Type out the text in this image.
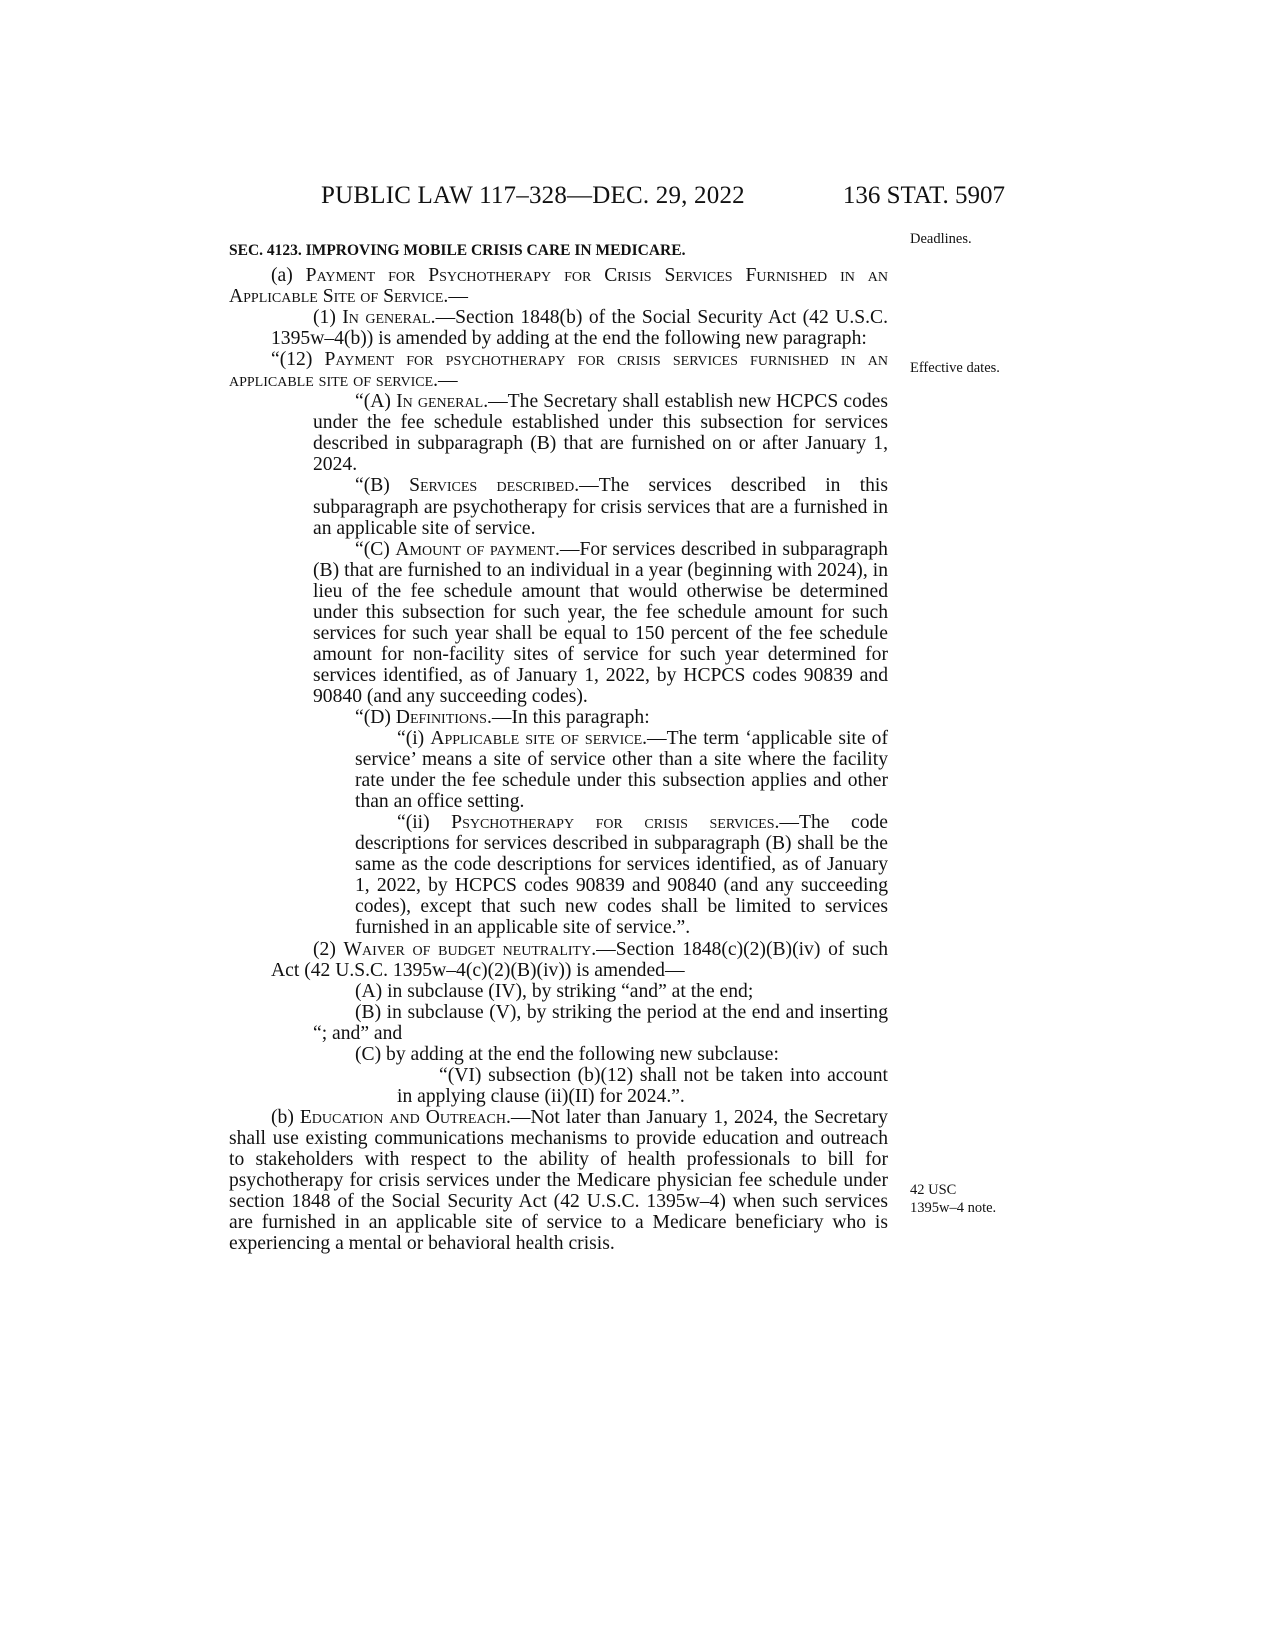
PUBLIC LAW 117–328—DEC. 29, 2022	136 STAT. 5907
Deadlines.
Effective dates.
42 USC
1395w–4 note.

SEC. 4123. IMPROVING MOBILE CRISIS CARE IN MEDICARE.

(a) Payment for Psychotherapy for Crisis Services Furnished in an Applicable Site of Service.—

(1) In general.—Section 1848(b) of the Social Security Act (42 U.S.C. 1395w–4(b)) is amended by adding at the end the following new paragraph:

“(12) Payment for psychotherapy for crisis services furnished in an applicable site of service.—

“(A) In general.—The Secretary shall establish new HCPCS codes under the fee schedule established under this subsection for services described in subparagraph (B) that are furnished on or after January 1, 2024.

“(B) Services described.—The services described in this subparagraph are psychotherapy for crisis services that are a furnished in an applicable site of service.

“(C) Amount of payment.—For services described in subparagraph (B) that are furnished to an individual in a year (beginning with 2024), in lieu of the fee schedule amount that would otherwise be determined under this subsection for such year, the fee schedule amount for such services for such year shall be equal to 150 percent of the fee schedule amount for non-facility sites of service for such year determined for services identified, as of January 1, 2022, by HCPCS codes 90839 and 90840 (and any succeeding codes).

“(D) Definitions.—In this paragraph:

“(i) Applicable site of service.—The term ‘applicable site of service’ means a site of service other than a site where the facility rate under the fee schedule under this subsection applies and other than an office setting.

“(ii) Psychotherapy for crisis services.—The code descriptions for services described in subparagraph (B) shall be the same as the code descriptions for services identified, as of January 1, 2022, by HCPCS codes 90839 and 90840 (and any succeeding codes), except that such new codes shall be limited to services furnished in an applicable site of service.”.

(2) Waiver of budget neutrality.—Section 1848(c)(2)(B)(iv) of such Act (42 U.S.C. 1395w–4(c)(2)(B)(iv)) is amended—

(A) in subclause (IV), by striking “and” at the end;

(B) in subclause (V), by striking the period at the end and inserting “; and” and

(C) by adding at the end the following new subclause:

“(VI) subsection (b)(12) shall not be taken into account in applying clause (ii)(II) for 2024.”.

(b) Education and Outreach.—Not later than January 1, 2024, the Secretary shall use existing communications mechanisms to provide education and outreach to stakeholders with respect to the ability of health professionals to bill for psychotherapy for crisis services under the Medicare physician fee schedule under section 1848 of the Social Security Act (42 U.S.C. 1395w–4) when such services are furnished in an applicable site of service to a Medicare beneficiary who is experiencing a mental or behavioral health crisis.
